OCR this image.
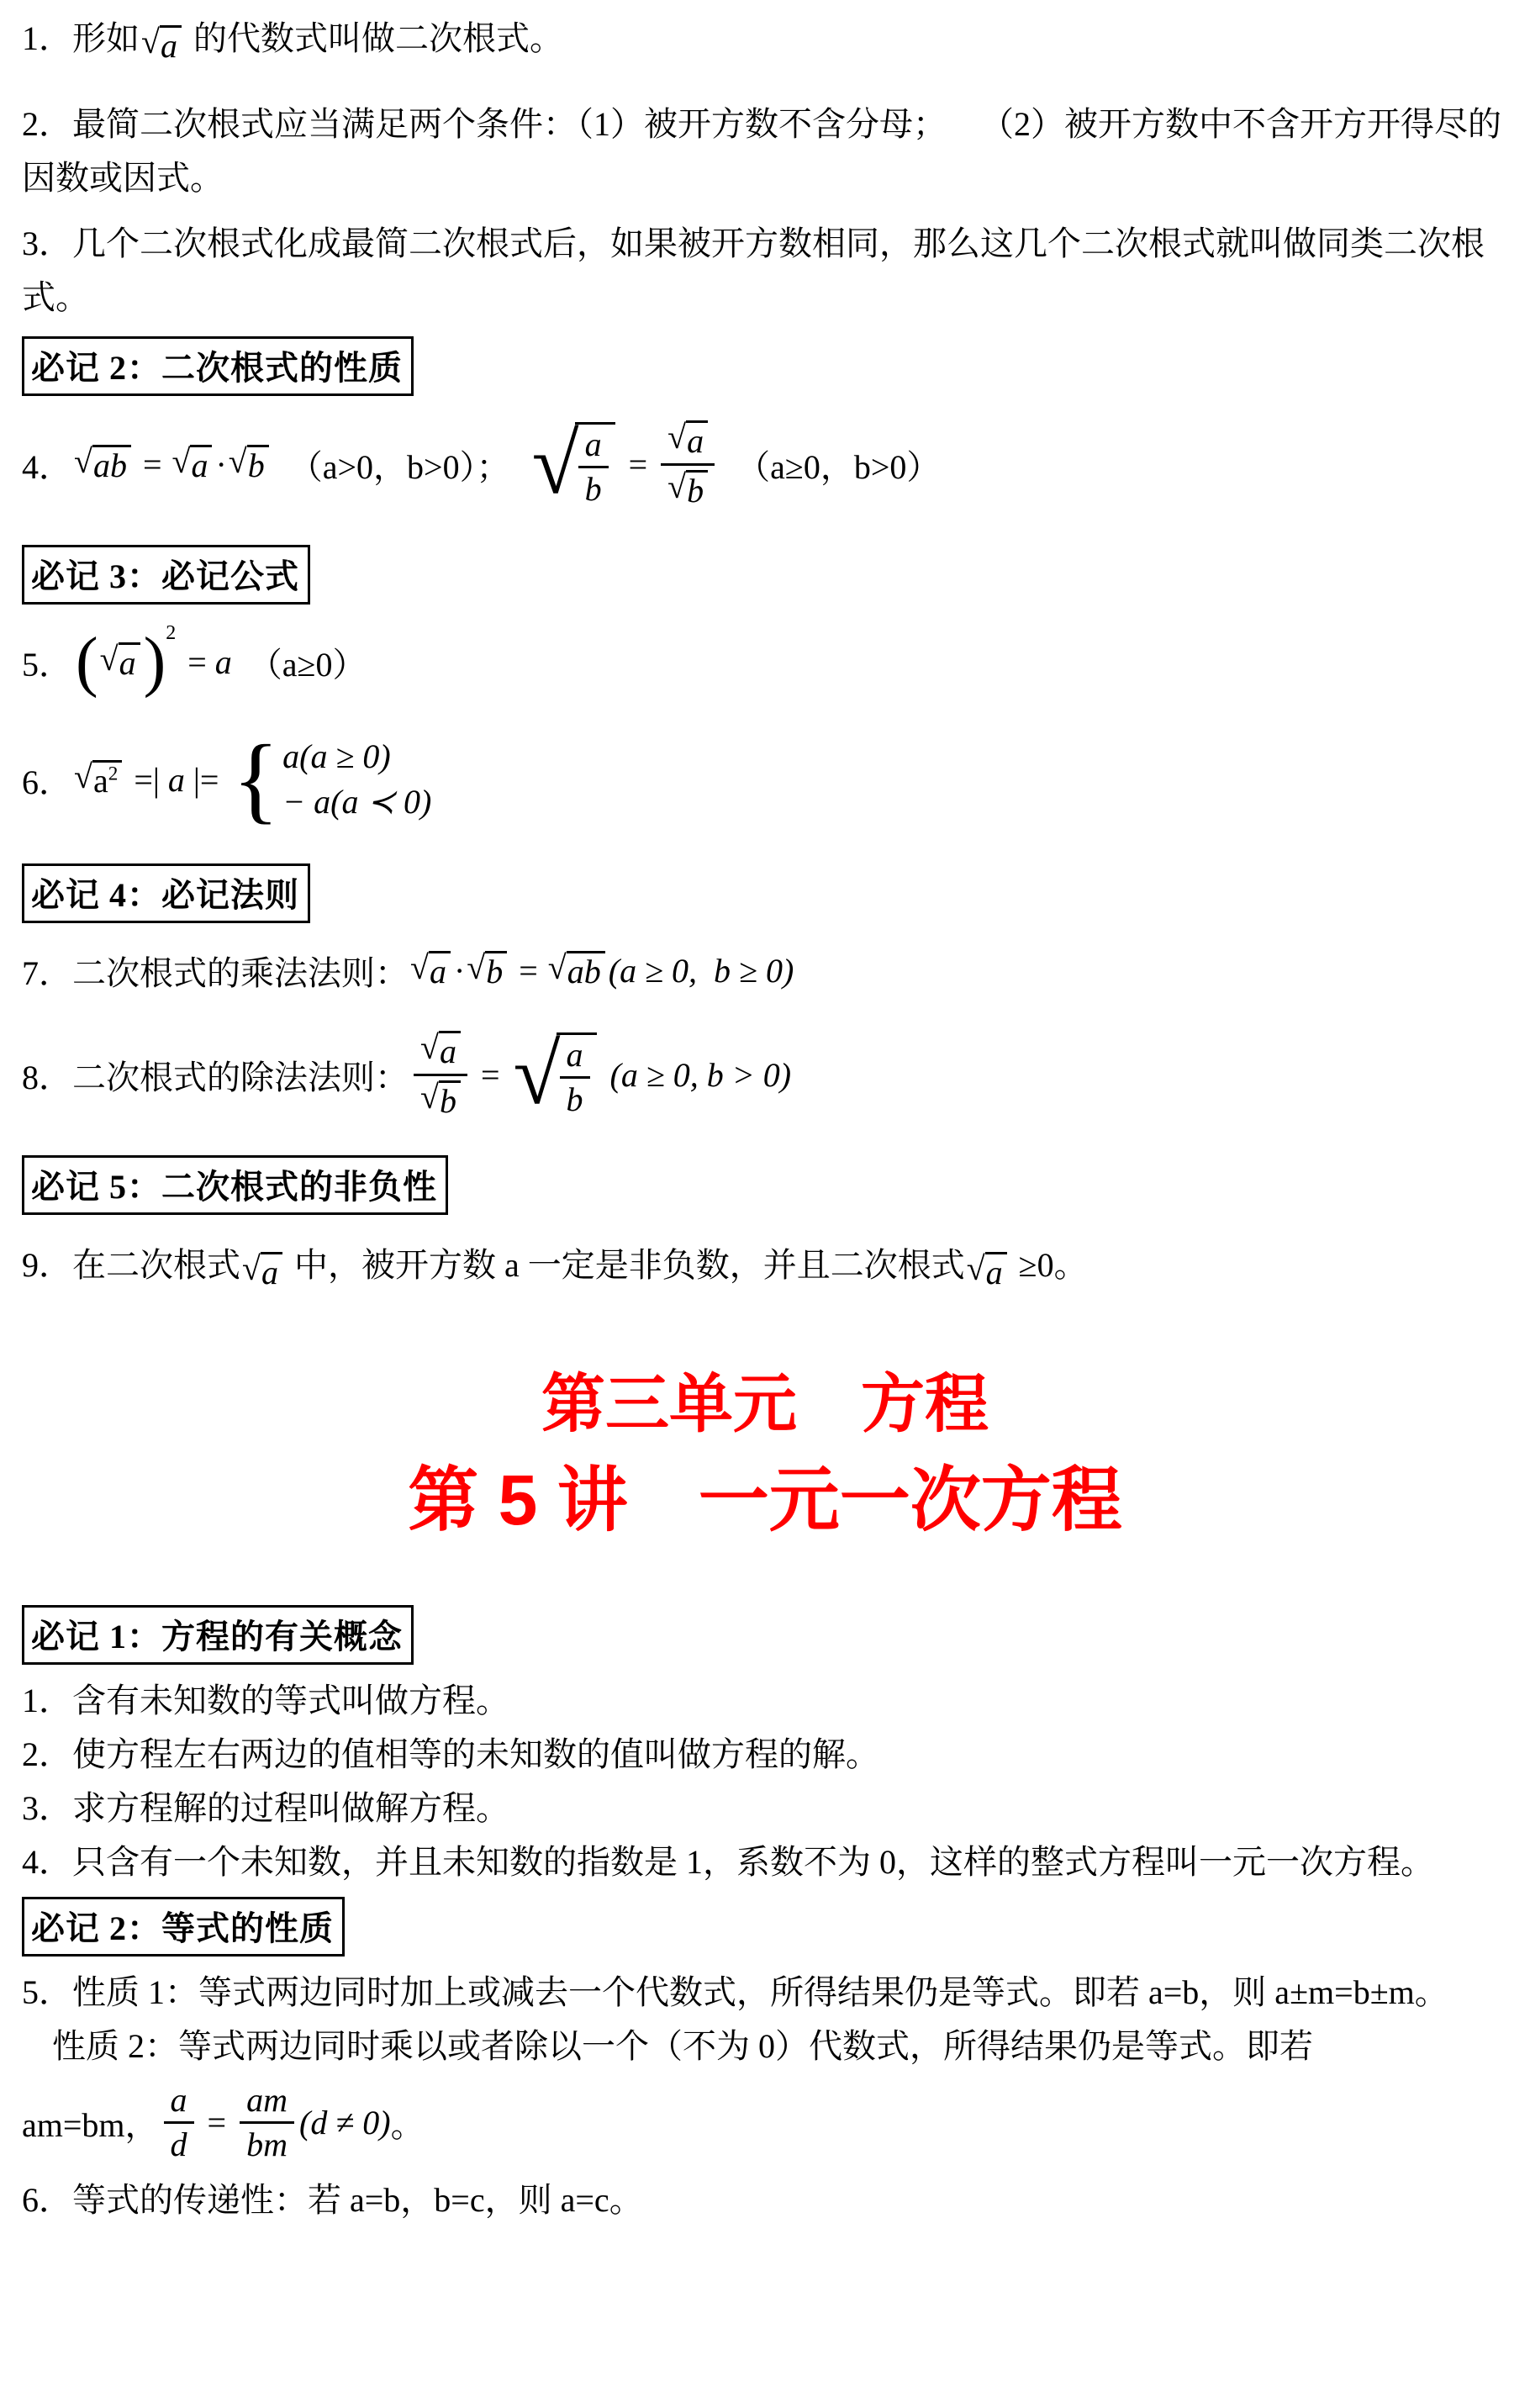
1．形如 √ a 的代数式叫做二次根式。
2．最简二次根式应当满足两个条件：（1）被开方数不含分母；　　（2）被开方数中不含开方开得尽的因数或因式。
3．几个二次根式化成最简二次根式后，如果被开方数相同，那么这几个二次根式就叫做同类二次根式。
必记 2：二次根式的性质
4． √ ab = √ a · √ b 　（a>0，b>0）；　 √ $\frac{a}{b} = \frac{√ a}{√ b}$ 　（a≥0，b>0）
必记 3：必记公式
5． ( √ a )$^2$
= a 　（a≥0）
6． √ $a^2$ =| a |= { a(a ≥ 0)
− a(a ≺ 0)
必记 4：必记法则
7．二次根式的乘法法则： √ a · √ b = √ ab (a ≥ 0,  b ≥ 0)
8．二次根式的除法法则： $\frac{√ a}{√ b}$ = √ $\frac{a}{b} (a \ge 0$, b > 0)
必记 5：二次根式的非负性
9．在二次根式 √ a 中，被开方数 a 一定是非负数，并且二次根式 √ a ≥0。
第三单元　方程
第 5 讲　一元一次方程
必记 1：方程的有关概念
1．含有未知数的等式叫做方程。
2．使方程左右两边的值相等的未知数的值叫做方程的解。
3．求方程解的过程叫做解方程。
4．只含有一个未知数，并且未知数的指数是 1，系数不为 0，这样的整式方程叫一元一次方程。
必记 2：等式的性质
5．性质 1：等式两边同时加上或减去一个代数式，所得结果仍是等式。即若 a=b，则 a±m=b±m。
性质 2：等式两边同时乘以或者除以一个（不为 0）代数式，所得结果仍是等式。即若
am=bm， $\frac{a}{d} = \frac{am}{bm} (d \ne 0)$ 。
6．等式的传递性：若 a=b，b=c，则 a=c。
